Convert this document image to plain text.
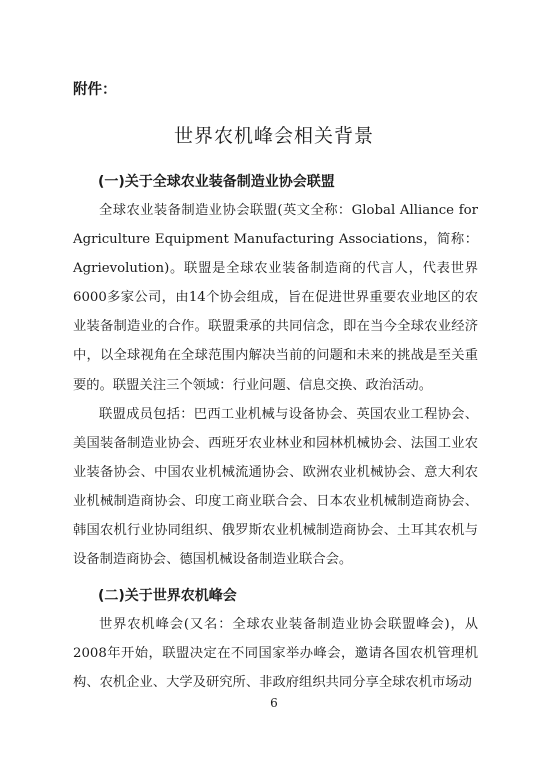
附件：
世界农机峰会相关背景
(一)关于全球农业装备制造业协会联盟

全球农业装备制造业协会联盟(英文全称：Global Alliance for Agriculture Equipment Manufacturing Associations，简称：Agrievolution)。联盟是全球农业装备制造商的代言人，代表世界6000多家公司，由14个协会组成，旨在促进世界重要农业地区的农业装备制造业的合作。联盟秉承的共同信念，即在当今全球农业经济中，以全球视角在全球范围内解决当前的问题和未来的挑战是至关重要的。联盟关注三个领域：行业问题、信息交换、政治活动。

联盟成员包括：巴西工业机械与设备协会、英国农业工程协会、美国装备制造业协会、西班牙农业林业和园林机械协会、法国工业农业装备协会、中国农业机械流通协会、欧洲农业机械协会、意大利农业机械制造商协会、印度工商业联合会、日本农业机械制造商协会、韩国农机行业协同组织、俄罗斯农业机械制造商协会、土耳其农机与设备制造商协会、德国机械设备制造业联合会。

(二)关于世界农机峰会

世界农机峰会(又名：全球农业装备制造业协会联盟峰会)，从2008年开始，联盟决定在不同国家举办峰会，邀请各国农机管理机构、农机企业、大学及研究所、非政府组织共同分享全球农机市场动

6
